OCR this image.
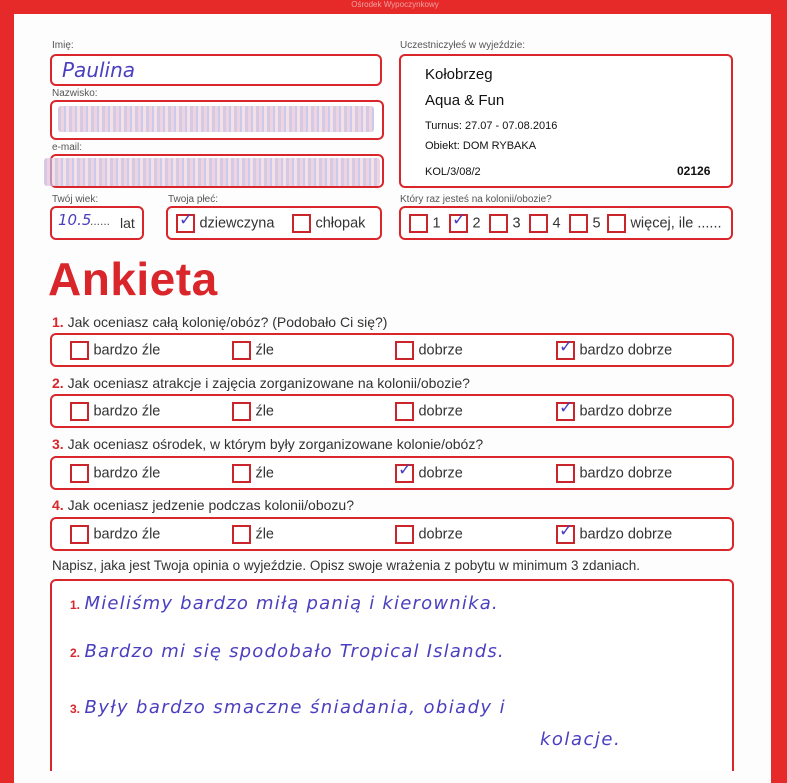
Ośrodek Wypoczynkowy
Imię:
Paulina
Nazwisko:
e-mail:
Twój wiek:
10.5
...... lat
Twoja płeć:
✓ dziewczyna	chłopak
Uczestniczyłeś w wyjeździe:
Kołobrzeg
Aqua & Fun
Turnus: 27.07 - 07.08.2016
Obiekt: DOM RYBAKA
KOL/3/08/2	02126
Który raz jesteś na kolonii/obozie?
1 ✓ 2	3	4	5	więcej, ile ......
Ankieta
1. Jak oceniasz całą kolonię/obóz? (Podobało Ci się?)
bardzo źle	źle	dobrze	✓ bardzo dobrze
2. Jak oceniasz atrakcje i zajęcia zorganizowane na kolonii/obozie?
bardzo źle	źle	dobrze	✓ bardzo dobrze
3. Jak oceniasz ośrodek, w którym były zorganizowane kolonie/obóz?
bardzo źle	źle	✓ dobrze	bardzo dobrze
4. Jak oceniasz jedzenie podczas kolonii/obozu?
bardzo źle	źle	dobrze	✓ bardzo dobrze
Napisz, jaka jest Twoja opinia o wyjeździe. Opisz swoje wrażenia z pobytu w minimum 3 zdaniach.
1. Mieliśmy bardzo miłą panią i kierownika.
2. Bardzo mi się spodobało Tropical Islands.
3. Były bardzo smaczne śniadania, obiady i
kolacje.
